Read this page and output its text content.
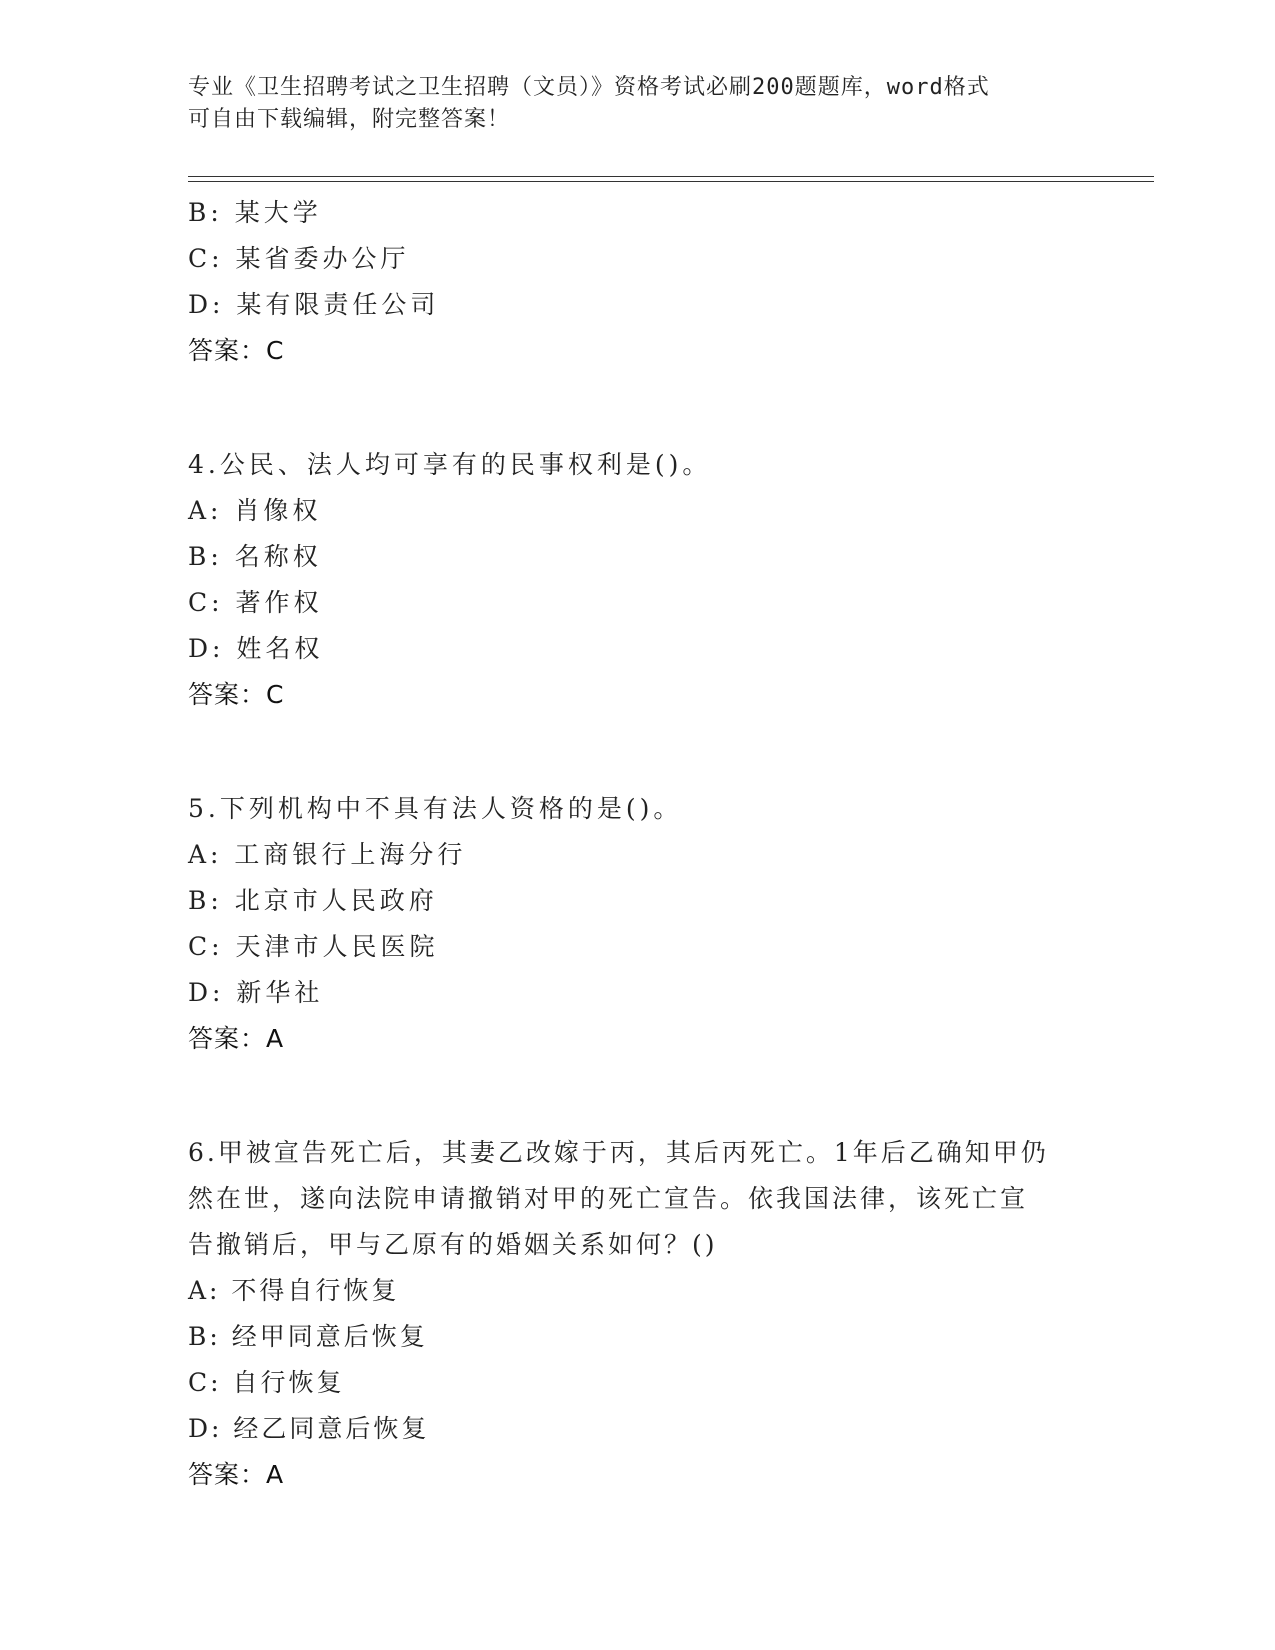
专业《卫生招聘考试之卫生招聘（文员）》资格考试必刷200题题库，word格式
可自由下载编辑，附完整答案！
B: 某大学
C: 某省委办公厅
D: 某有限责任公司
答案：C
4.公民、法人均可享有的民事权利是()。
A: 肖像权
B: 名称权
C: 著作权
D: 姓名权
答案：C
5.下列机构中不具有法人资格的是()。
A: 工商银行上海分行
B: 北京市人民政府
C: 天津市人民医院
D: 新华社
答案：A
6.甲被宣告死亡后，其妻乙改嫁于丙，其后丙死亡。1年后乙确知甲仍
然在世，遂向法院申请撤销对甲的死亡宣告。依我国法律，该死亡宣
告撤销后，甲与乙原有的婚姻关系如何？()
A: 不得自行恢复
B: 经甲同意后恢复
C: 自行恢复
D: 经乙同意后恢复
答案：A
